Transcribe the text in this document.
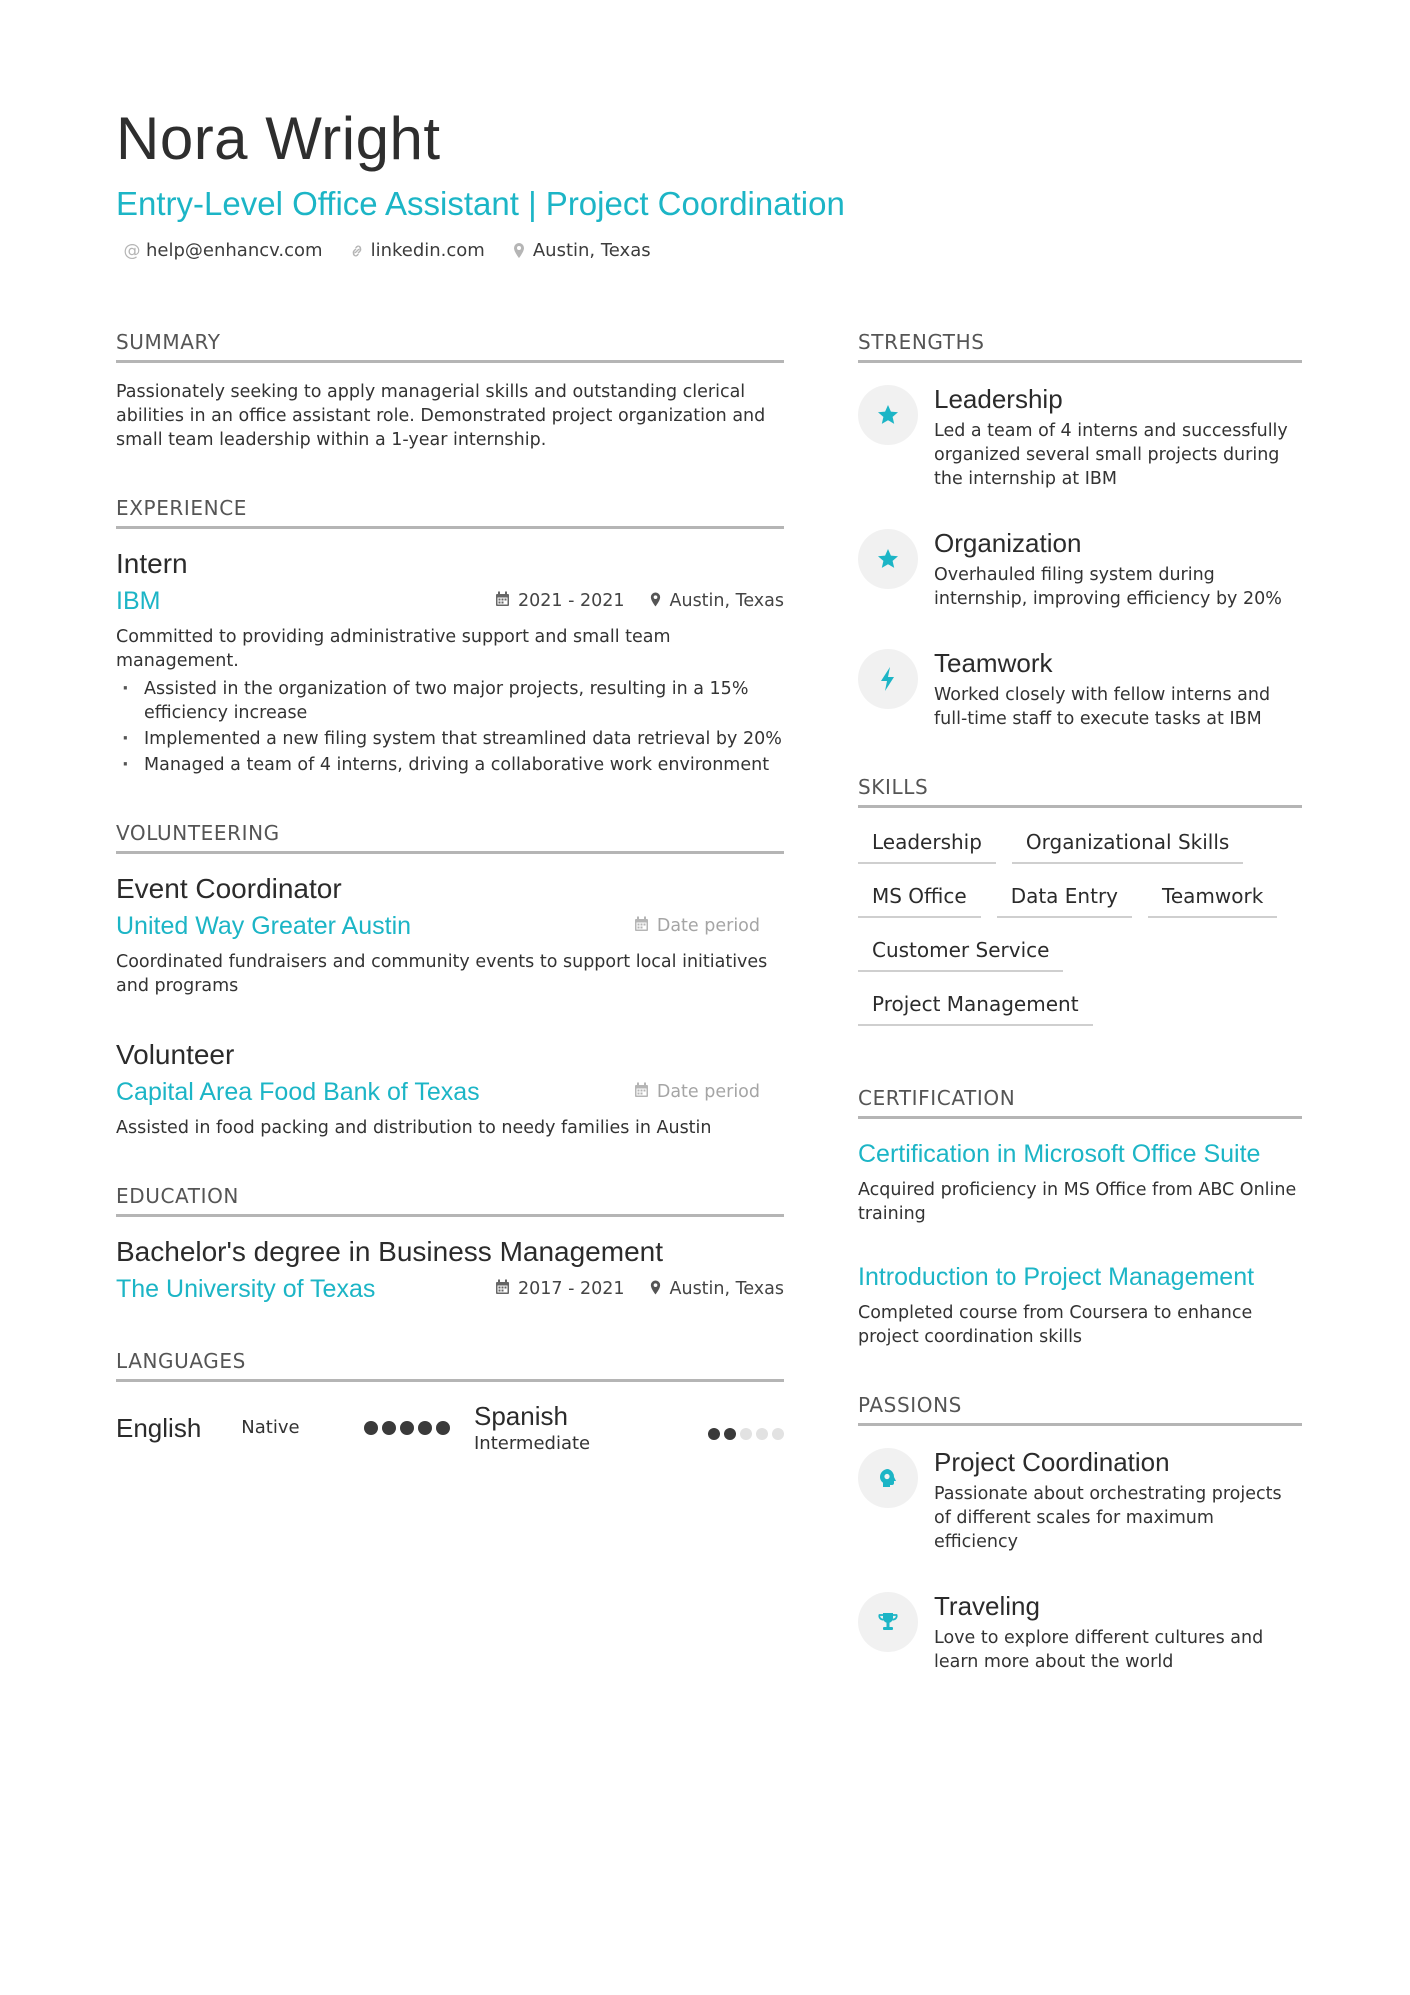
Nora Wright
Entry-Level Office Assistant | Project Coordination
@ help@enhancv.com	linkedin.com	Austin, Texas
SUMMARY
Passionately seeking to apply managerial skills and outstanding clerical abilities in an office assistant role. Demonstrated project organization and small team leadership within a 1-year internship.
EXPERIENCE
Intern
IBM	2021 - 2021	Austin, Texas
Committed to providing administrative support and small team management.
· Assisted in the organization of two major projects, resulting in a 15% efficiency increase
· Implemented a new filing system that streamlined data retrieval by 20%
· Managed a team of 4 interns, driving a collaborative work environment
VOLUNTEERING
Event Coordinator
United Way Greater Austin	Date period
Coordinated fundraisers and community events to support local initiatives and programs
Volunteer
Capital Area Food Bank of Texas	Date period
Assisted in food packing and distribution to needy families in Austin
EDUCATION
Bachelor's degree in Business Management
The University of Texas	2017 - 2021	Austin, Texas
LANGUAGES
English Native	Spanish
Intermediate
STRENGTHS
Leadership
Led a team of 4 interns and successfully organized several small projects during the internship at IBM
Organization
Overhauled filing system during internship, improving efficiency by 20%
Teamwork
Worked closely with fellow interns and full-time staff to execute tasks at IBM
SKILLS
Leadership	Organizational Skills
MS Office	Data Entry	Teamwork
Customer Service
Project Management
CERTIFICATION
Certification in Microsoft Office Suite
Acquired proficiency in MS Office from ABC Online training
Introduction to Project Management
Completed course from Coursera to enhance project coordination skills
PASSIONS
Project Coordination
Passionate about orchestrating projects of different scales for maximum efficiency
Traveling
Love to explore different cultures and learn more about the world
